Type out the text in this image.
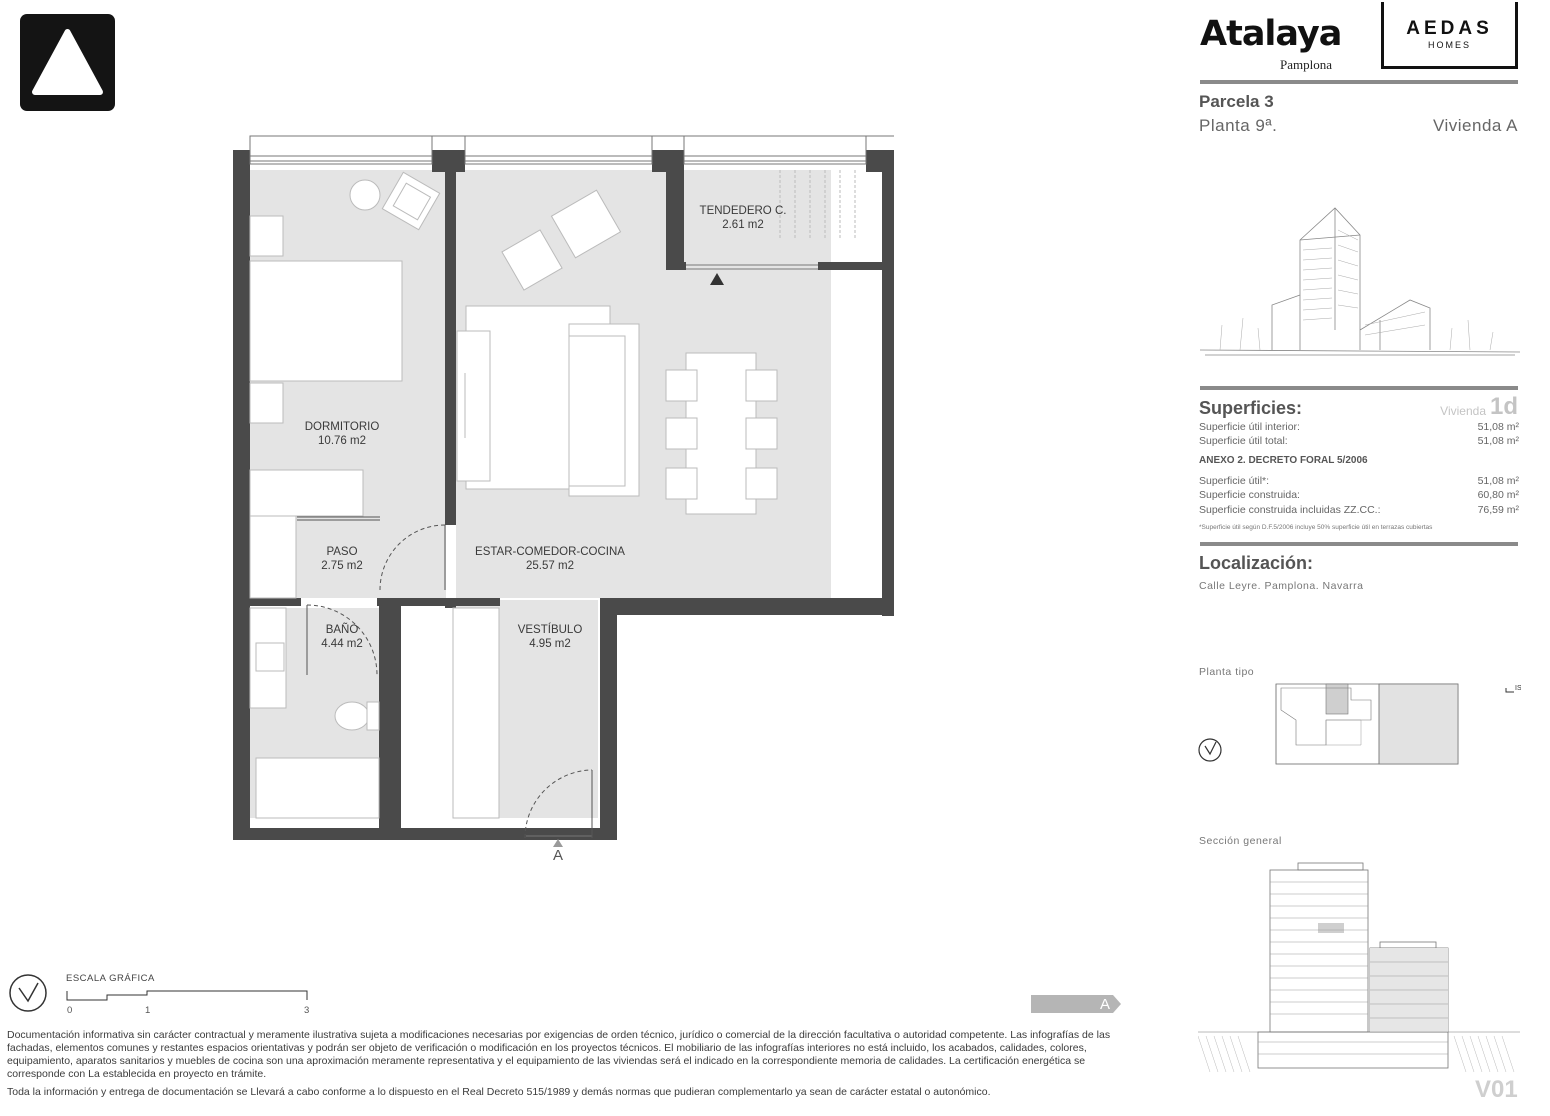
TENDEDERO C.
2.61 m2
DORMITORIO
10.76 m2
PASO
2.75 m2
ESTAR-COMEDOR-COCINA
25.57 m2
BAÑO
4.44 m2
VESTÍBULO
4.95 m2
A
Atalaya
Pamplona
AEDAS
HOMES
Parcela 3
Planta 9ª.	Vivienda A
Superficies:	Vivienda 1d
Superficie útil interior:	51,08 m²
Superficie útil total:	51,08 m²
ANEXO 2. DECRETO FORAL 5/2006
Superficie útil*:	51,08 m²
Superficie construida:	60,80 m²
Superficie construida incluidas ZZ.CC.:	76,59 m²
*Superficie útil según D.F.5/2006 incluye 50% superficie útil en terrazas cubiertas
Localización:
Calle Leyre. Pamplona. Navarra
Planta tipo
IS
Sección general
ESCALA GRÁFICA
0	1	3	A

Documentación informativa sin carácter contractual y meramente ilustrativa sujeta a modificaciones necesarias por exigencias de orden técnico, jurídico o comercial de la dirección facultativa o autoridad competente. Las infografías de las fachadas, elementos comunes y restantes espacios orientativas y podrán ser objeto de verificación o modificación en los proyectos técnicos. El mobiliario de las infografías interiores no está incluido, los acabados, calidades, colores, equipamiento, aparatos sanitarios y muebles de cocina son una aproximación meramente representativa y el equipamiento de las viviendas será el indicado en la correspondiente memoria de calidades. La certificación energética se corresponde con La establecida en proyecto en trámite.

Toda la información y entrega de documentación se Llevará a cabo conforme a lo dispuesto en el Real Decreto 515/1989 y demás normas que pudieran complementarlo ya sean de carácter estatal o autonómico.	V01
